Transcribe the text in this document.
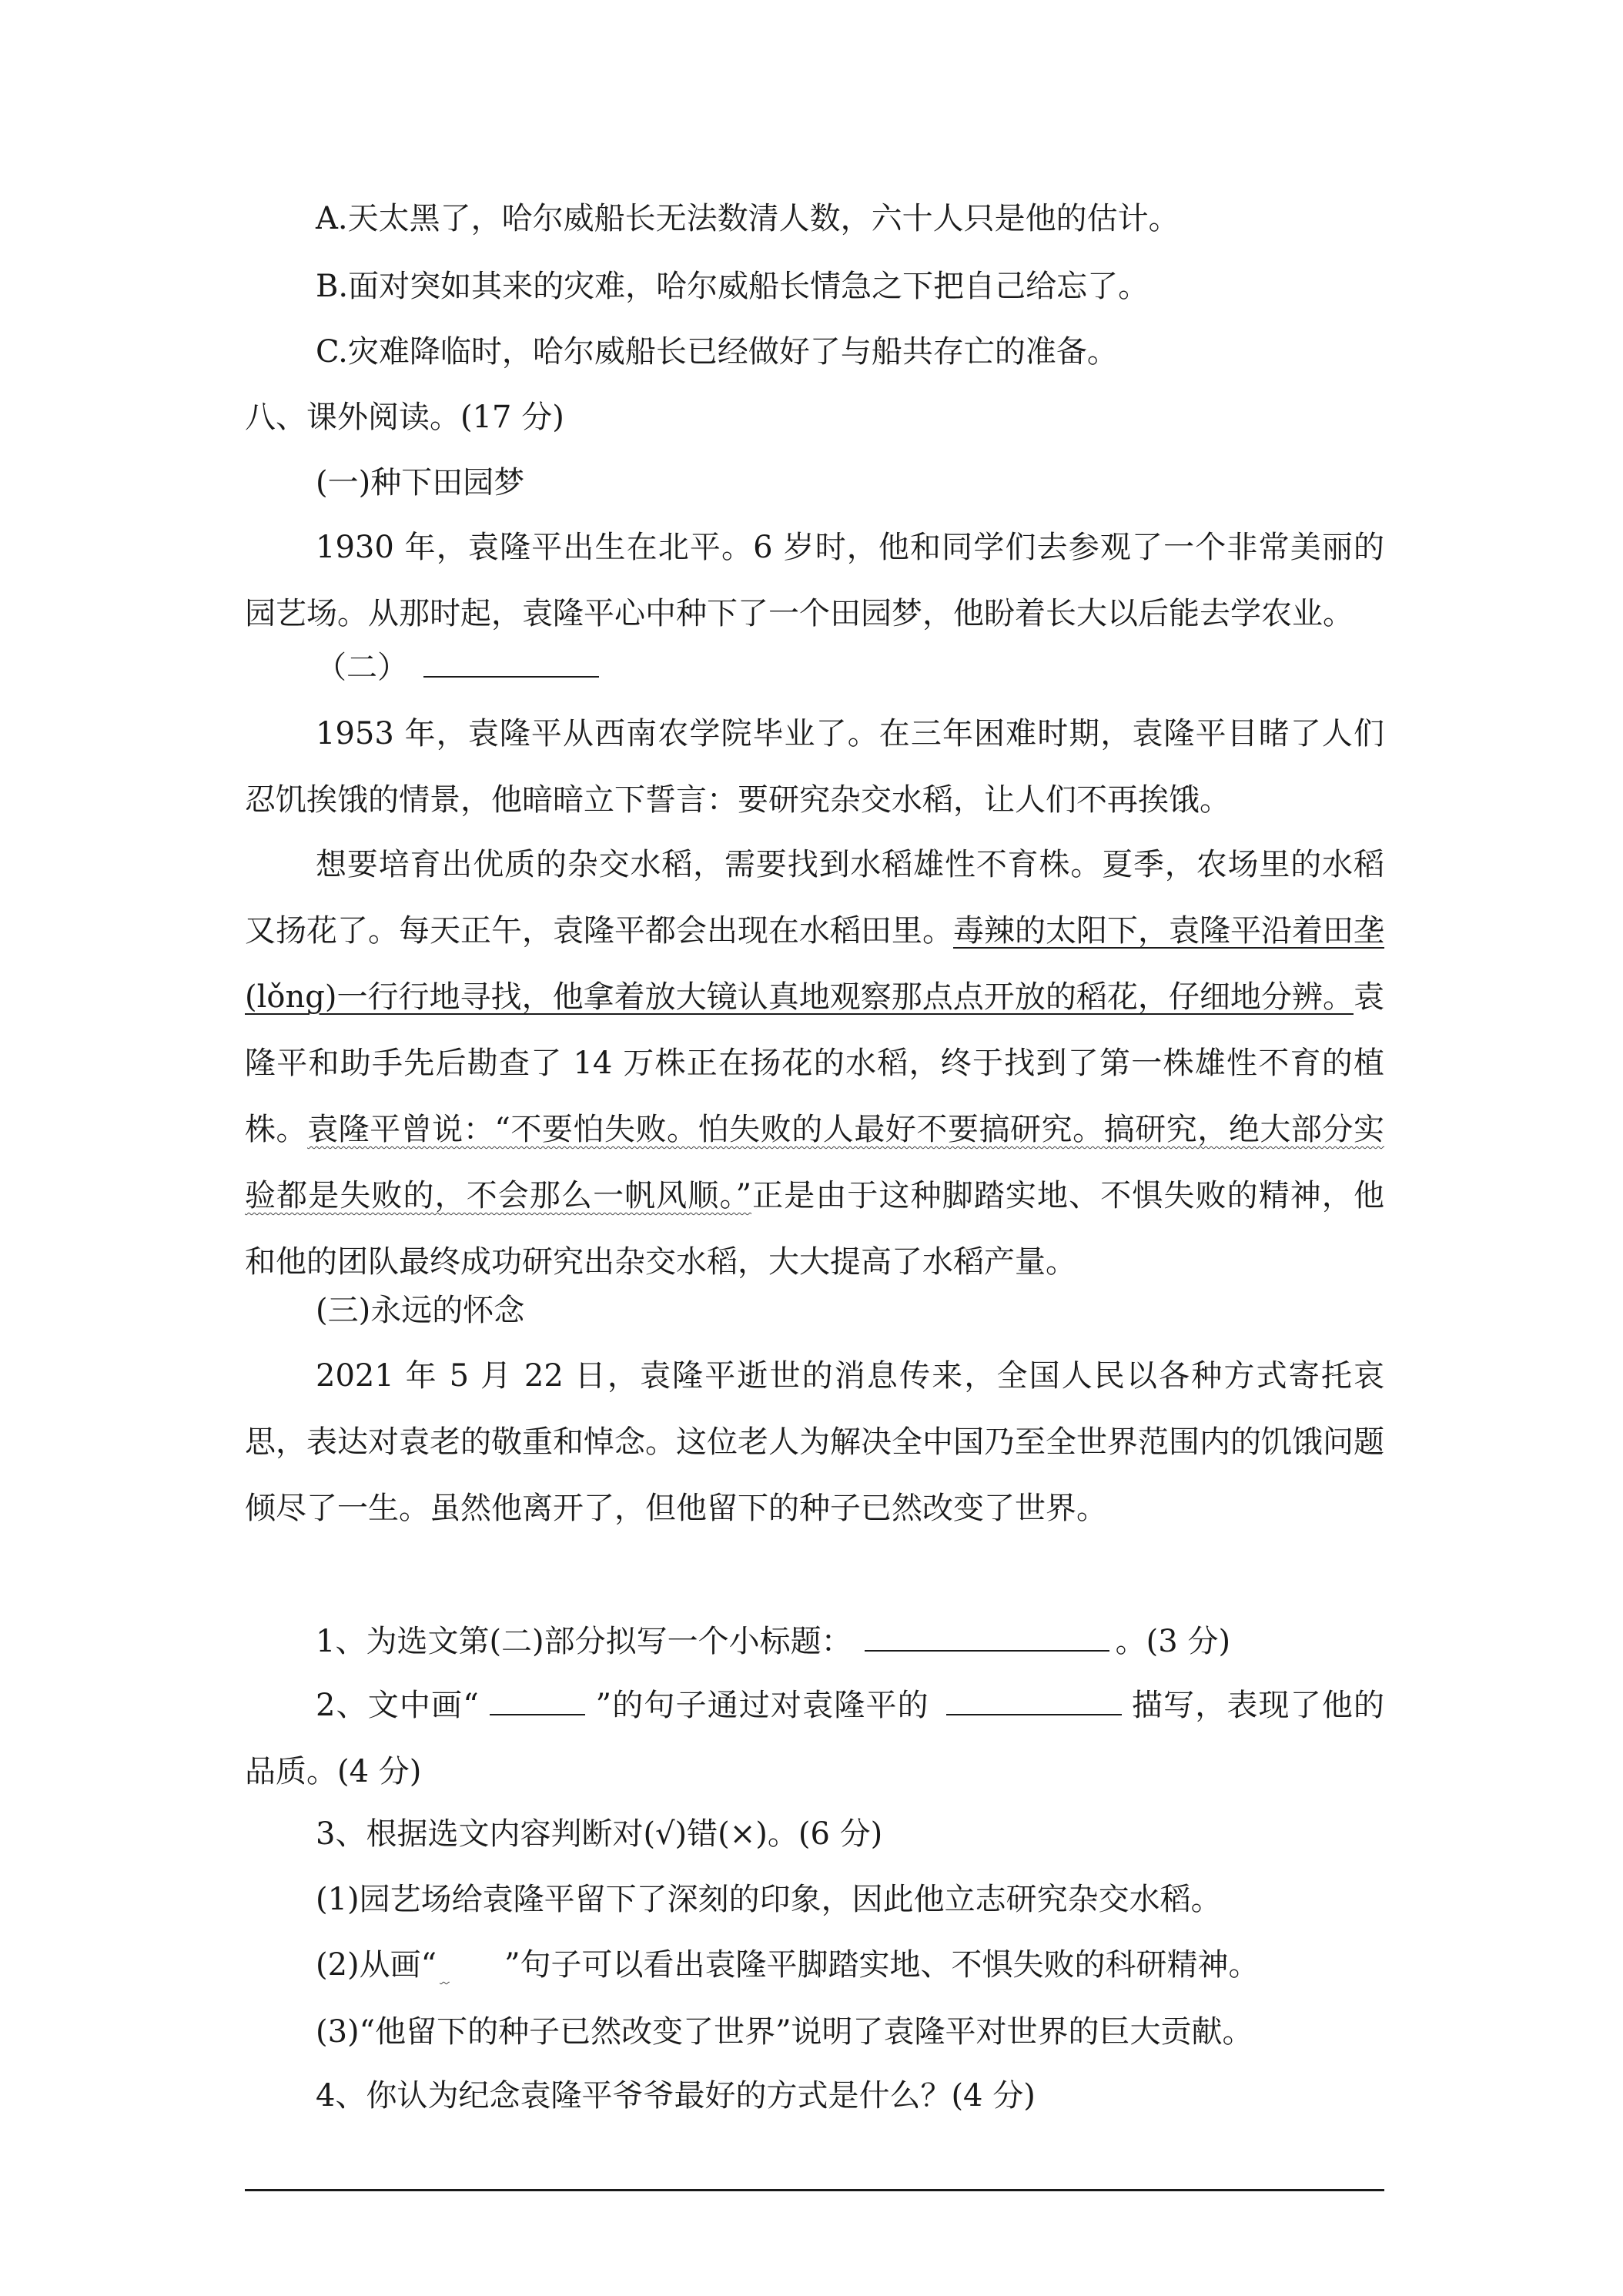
A.天太黑了，哈尔威船长无法数清人数，六十人只是他的估计。
B.面对突如其来的灾难，哈尔威船长情急之下把自己给忘了。
C.灾难降临时，哈尔威船长已经做好了与船共存亡的准备。
八、课外阅读。(17 分)
(一)种下田园梦
1930 年，袁隆平出生在北平。6 岁时，他和同学们去参观了一个非常美丽的园艺场。从那时起，袁隆平心中种下了一个田园梦，他盼着长大以后能去学农业。
（二）
1953 年，袁隆平从西南农学院毕业了。在三年困难时期，袁隆平目睹了人们忍饥挨饿的情景，他暗暗立下誓言：要研究杂交水稻，让人们不再挨饿。
想要培育出优质的杂交水稻，需要找到水稻雄性不育株。夏季，农场里的水稻又扬花了。每天正午，袁隆平都会出现在水稻田里。毒辣的太阳下，袁隆平沿着田垄(lǒng)一行行地寻找，他拿着放大镜认真地观察那点点开放的稻花，仔细地分辨。袁隆平和助手先后勘查了 14 万株正在扬花的水稻，终于找到了第一株雄性不育的植株。袁隆平曾说：“不要怕失败。怕失败的人最好不要搞研究。搞研究，绝大部分实验都是失败的，不会那么一帆风顺。”正是由于这种脚踏实地、不惧失败的精神，他和他的团队最终成功研究出杂交水稻，大大提高了水稻产量。
(三)永远的怀念
2021 年 5 月 22 日，袁隆平逝世的消息传来，全国人民以各种方式寄托哀思，表达对袁老的敬重和悼念。这位老人为解决全中国乃至全世界范围内的饥饿问题倾尽了一生。虽然他离开了，但他留下的种子已然改变了世界。
1、为选文第(二)部分拟写一个小标题：	。(3 分)
2、文中画“	”的句子通过对袁隆平的	描写，表现了他的品质。(4 分)
3、根据选文内容判断对(√)错(×)。(6 分)
(1)园艺场给袁隆平留下了深刻的印象，因此他立志研究杂交水稻。
(2)从画“ ”句子可以看出袁隆平脚踏实地、不惧失败的科研精神。
(3)“他留下的种子已然改变了世界”说明了袁隆平对世界的巨大贡献。
4、你认为纪念袁隆平爷爷最好的方式是什么？(4 分)
